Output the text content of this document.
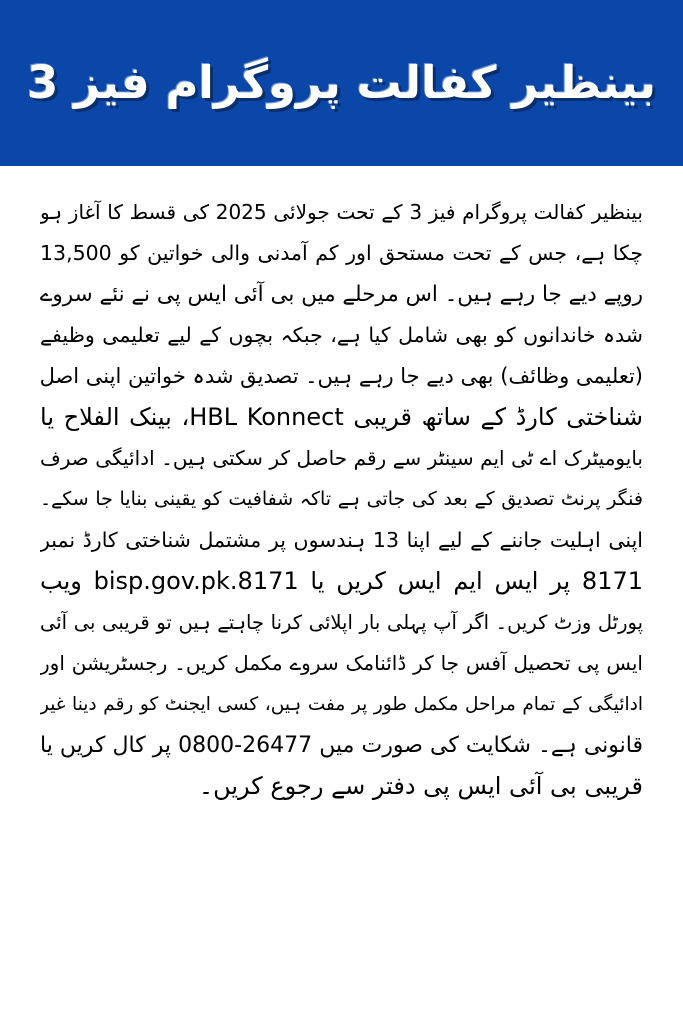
بینظیر کفالت پروگرام فیز 3
بینظیر کفالت پروگرام فیز 3 کے تحت جولائی 2025 کی قسط کا آغاز ہو
چکا ہے، جس کے تحت مستحق اور کم آمدنی والی خواتین کو 13,500
روپے دیے جا رہے ہیں۔ اس مرحلے میں بی آئی ایس پی نے نئے سروے
شدہ خاندانوں کو بھی شامل کیا ہے، جبکہ بچوں کے لیے تعلیمی وظیفے
(تعلیمی وظائف) بھی دیے جا رہے ہیں۔ تصدیق شدہ خواتین اپنی اصل
شناختی کارڈ کے ساتھ قریبی HBL Konnect، بینک الفلاح یا
بایومیٹرک اے ٹی ایم سینٹر سے رقم حاصل کر سکتی ہیں۔ ادائیگی صرف
فنگر پرنٹ تصدیق کے بعد کی جاتی ہے تاکہ شفافیت کو یقینی بنایا جا سکے۔
اپنی اہلیت جاننے کے لیے اپنا 13 ہندسوں پر مشتمل شناختی کارڈ نمبر
8171 پر ایس ایم ایس کریں یا bisp.gov.pk.8171 ویب
پورٹل وزٹ کریں۔ اگر آپ پہلی بار اپلائی کرنا چاہتے ہیں تو قریبی بی آئی
ایس پی تحصیل آفس جا کر ڈائنامک سروے مکمل کریں۔ رجسٹریشن اور
ادائیگی کے تمام مراحل مکمل طور پر مفت ہیں، کسی ایجنٹ کو رقم دینا غیر
قانونی ہے۔ شکایت کی صورت میں 26477-0800 پر کال کریں یا
قریبی بی آئی ایس پی دفتر سے رجوع کریں۔
